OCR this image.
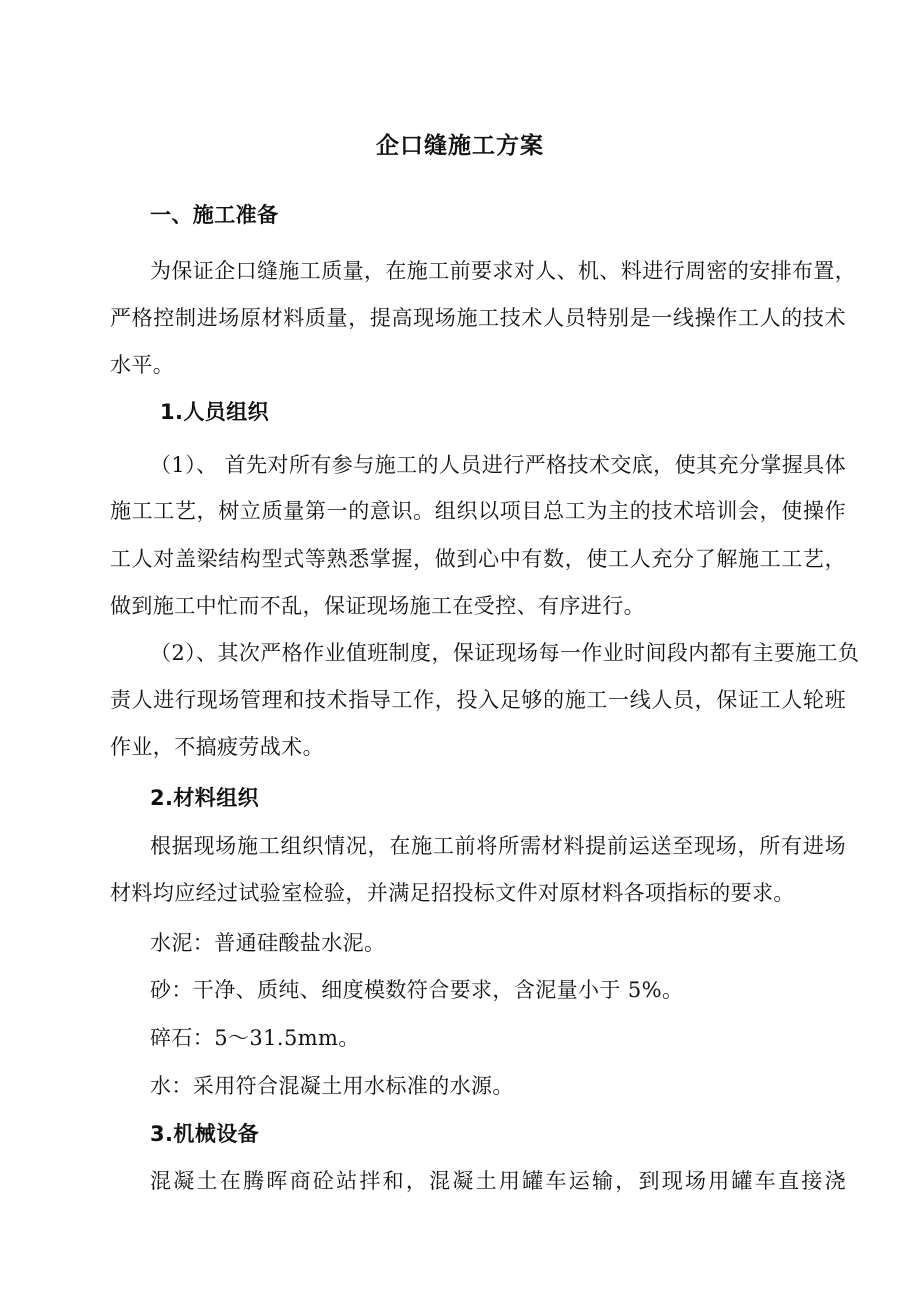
企口缝施工方案
一、施工准备
为保证企口缝施工质量，在施工前要求对人、机、料进行周密的安排布置，
严格控制进场原材料质量，提高现场施工技术人员特别是一线操作工人的技术
水平。
1.人员组织
（1）、 首先对所有参与施工的人员进行严格技术交底，使其充分掌握具体
施工工艺，树立质量第一的意识。组织以项目总工为主的技术培训会，使操作
工人对盖梁结构型式等熟悉掌握，做到心中有数，使工人充分了解施工工艺，
做到施工中忙而不乱，保证现场施工在受控、有序进行。
（2）、其次严格作业值班制度，保证现场每一作业时间段内都有主要施工负
责人进行现场管理和技术指导工作，投入足够的施工一线人员，保证工人轮班
作业，不搞疲劳战术。
2.材料组织
根据现场施工组织情况，在施工前将所需材料提前运送至现场，所有进场
材料均应经过试验室检验，并满足招投标文件对原材料各项指标的要求。
水泥：普通硅酸盐水泥。
砂：干净、质纯、细度模数符合要求，含泥量小于 5%。
碎石：5～31.5mm。
水：采用符合混凝土用水标准的水源。
3.机械设备
混凝土在腾晖商砼站拌和，混凝土用罐车运输，到现场用罐车直接浇
